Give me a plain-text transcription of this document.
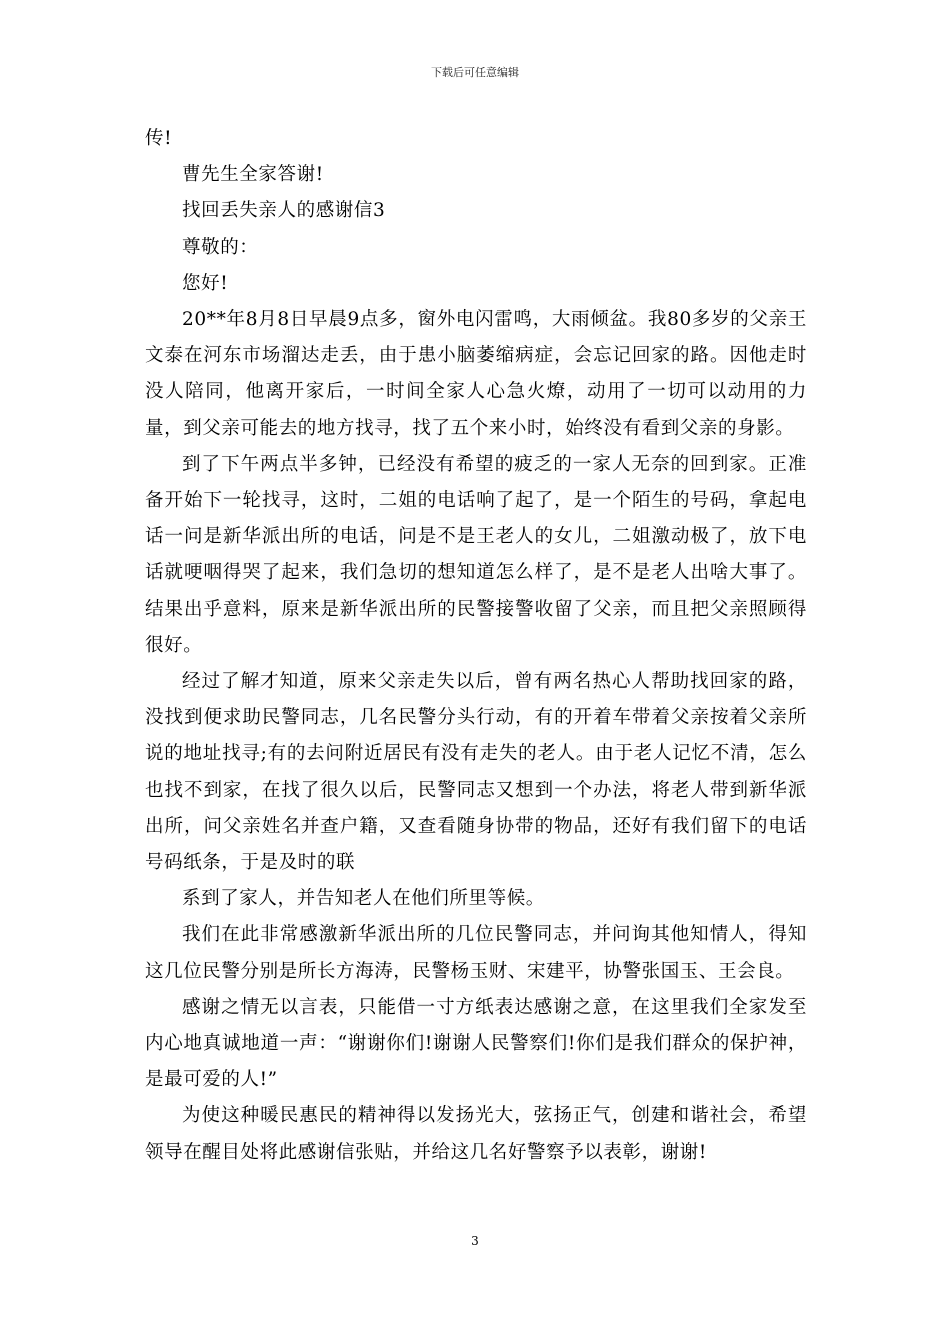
下载后可任意编辑

传!

曹先生全家答谢!

找回丢失亲人的感谢信3

尊敬的：

您好!

20**年8月8日早晨9点多，窗外电闪雷鸣，大雨倾盆。我80多岁的父亲王文泰在河东市场溜达走丢，由于患小脑萎缩病症，会忘记回家的路。因他走时没人陪同，他离开家后，一时间全家人心急火燎，动用了一切可以动用的力量，到父亲可能去的地方找寻，找了五个来小时，始终没有看到父亲的身影。

到了下午两点半多钟，已经没有希望的疲乏的一家人无奈的回到家。正准备开始下一轮找寻，这时，二姐的电话响了起了，是一个陌生的号码，拿起电话一问是新华派出所的电话，问是不是王老人的女儿，二姐激动极了，放下电话就哽咽得哭了起来，我们急切的想知道怎么样了，是不是老人出啥大事了。结果出乎意料，原来是新华派出所的民警接警收留了父亲，而且把父亲照顾得很好。

经过了解才知道，原来父亲走失以后，曾有两名热心人帮助找回家的路，没找到便求助民警同志，几名民警分头行动，有的开着车带着父亲按着父亲所说的地址找寻;有的去问附近居民有没有走失的老人。由于老人记忆不清，怎么也找不到家，在找了很久以后，民警同志又想到一个办法，将老人带到新华派出所，问父亲姓名并查户籍，又查看随身协带的物品，还好有我们留下的电话号码纸条，于是及时的联

系到了家人，并告知老人在他们所里等候。

我们在此非常感激新华派出所的几位民警同志，并问询其他知情人，得知这几位民警分别是所长方海涛，民警杨玉财、宋建平，协警张国玉、王会良。

感谢之情无以言表，只能借一寸方纸表达感谢之意，在这里我们全家发至内心地真诚地道一声：“谢谢你们!谢谢人民警察们!你们是我们群众的保护神，是最可爱的人!”

为使这种暖民惠民的精神得以发扬光大，弦扬正气，创建和谐社会，希望领导在醒目处将此感谢信张贴，并给这几名好警察予以表彰，谢谢!

3
